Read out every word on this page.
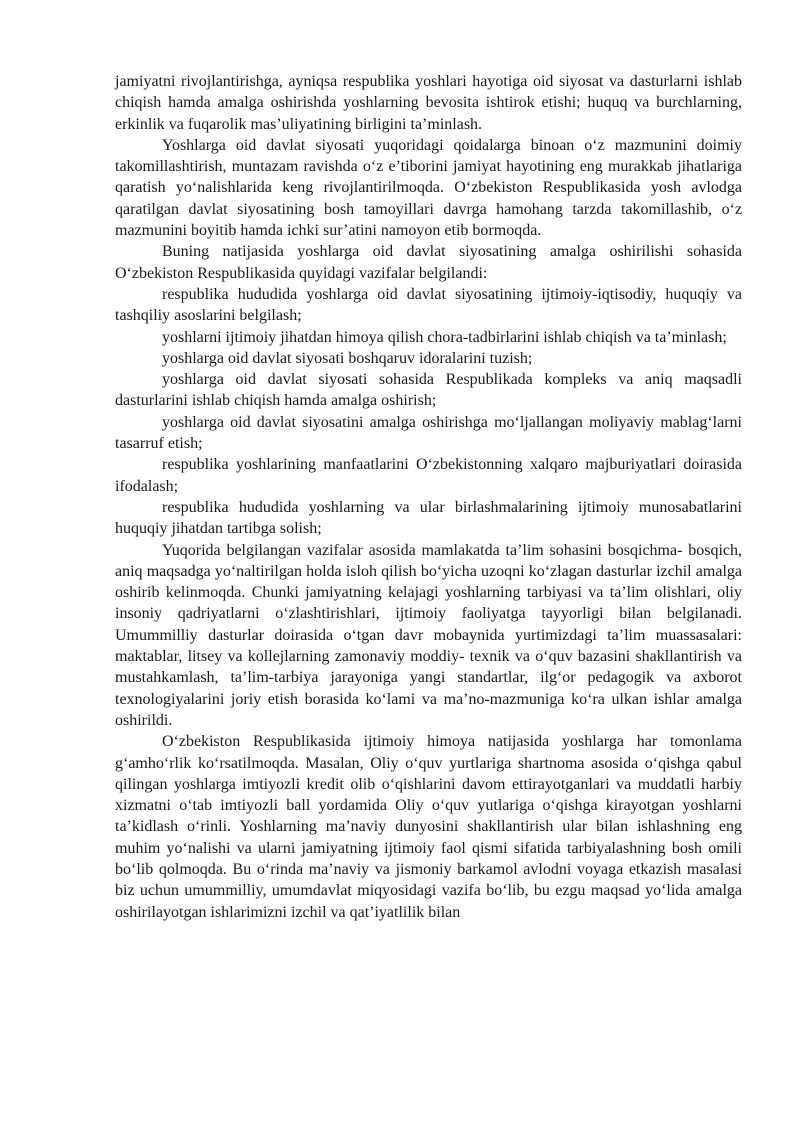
jamiyatni rivojlantirishga, ayniqsa respublika yoshlari hayotiga oid siyosat va dasturlarni ishlab chiqish hamda amalga oshirishda yoshlarning bevosita ishtirok etishi; huquq va burchlarning, erkinlik va fuqarolik mas’uliyatining birligini ta’minlash.

Yoshlarga oid davlat siyosati yuqoridagi qoidalarga binoan o‘z mazmunini doimiy takomillashtirish, muntazam ravishda o‘z e’tiborini jamiyat hayotining eng murakkab jihatlariga qaratish yo‘nalishlarida keng rivojlantirilmoqda. O‘zbekiston Respublikasida yosh avlodga qaratilgan davlat siyosatining bosh tamoyillari davrga hamohang tarzda takomillashib, o‘z mazmunini boyitib hamda ichki sur’atini namoyon etib bormoqda.

Buning natijasida yoshlarga oid davlat siyosatining amalga oshirilishi sohasida O‘zbekiston Respublikasida quyidagi vazifalar belgilandi:

respublika hududida yoshlarga oid davlat siyosatining ijtimoiy-iqtisodiy, huquqiy va tashqiliy asoslarini belgilash;

yoshlarni ijtimoiy jihatdan himoya qilish chora-tadbirlarini ishlab chiqish va ta’minlash;

yoshlarga oid davlat siyosati boshqaruv idoralarini tuzish;

yoshlarga oid davlat siyosati sohasida Respublikada kompleks va aniq maqsadli dasturlarini ishlab chiqish hamda amalga oshirish;

yoshlarga oid davlat siyosatini amalga oshirishga mo‘ljallangan moliyaviy mablag‘larni tasarruf etish;

respublika yoshlarining manfaatlarini O‘zbekistonning xalqaro majburiyatlari doirasida ifodalash;

respublika hududida yoshlarning va ular birlashmalarining ijtimoiy munosabatlarini huquqiy jihatdan tartibga solish;

Yuqorida belgilangan vazifalar asosida mamlakatda ta’lim sohasini bosqichma- bosqich, aniq maqsadga yo‘naltirilgan holda isloh qilish bo‘yicha uzoqni ko‘zlagan dasturlar izchil amalga oshirib kelinmoqda. Chunki jamiyatning kelajagi yoshlarning tarbiyasi va ta’lim olishlari, oliy insoniy qadriyatlarni o‘zlashtirishlari, ijtimoiy faoliyatga tayyorligi bilan belgilanadi. Umummilliy dasturlar doirasida o‘tgan davr mobaynida yurtimizdagi ta’lim muassasalari: maktablar, litsey va kollejlarning zamonaviy moddiy- texnik va o‘quv bazasini shakllantirish va mustahkamlash, ta’lim-tarbiya jarayoniga yangi standartlar, ilg‘or pedagogik va axborot texnologiyalarini joriy etish borasida ko‘lami va ma’no-mazmuniga ko‘ra ulkan ishlar amalga oshirildi.

O‘zbekiston Respublikasida ijtimoiy himoya natijasida yoshlarga har tomonlama g‘amho‘rlik ko‘rsatilmoqda. Masalan, Oliy o‘quv yurtlariga shartnoma asosida o‘qishga qabul qilingan yoshlarga imtiyozli kredit olib o‘qishlarini davom ettirayotganlari va muddatli harbiy xizmatni o‘tab imtiyozli ball yordamida Oliy o‘quv yutlariga o‘qishga kirayotgan yoshlarni ta’kidlash o‘rinli. Yoshlarning ma’naviy dunyosini shakllantirish ular bilan ishlashning eng muhim yo‘nalishi va ularni jamiyatning ijtimoiy faol qismi sifatida tarbiyalashning bosh omili bo‘lib qolmoqda. Bu o‘rinda ma’naviy va jismoniy barkamol avlodni voyaga etkazish masalasi biz uchun umummilliy, umumdavlat miqyosidagi vazifa bo‘lib, bu ezgu maqsad yo‘lida amalga oshirilayotgan ishlarimizni izchil va qat’iyatlilik bilan
